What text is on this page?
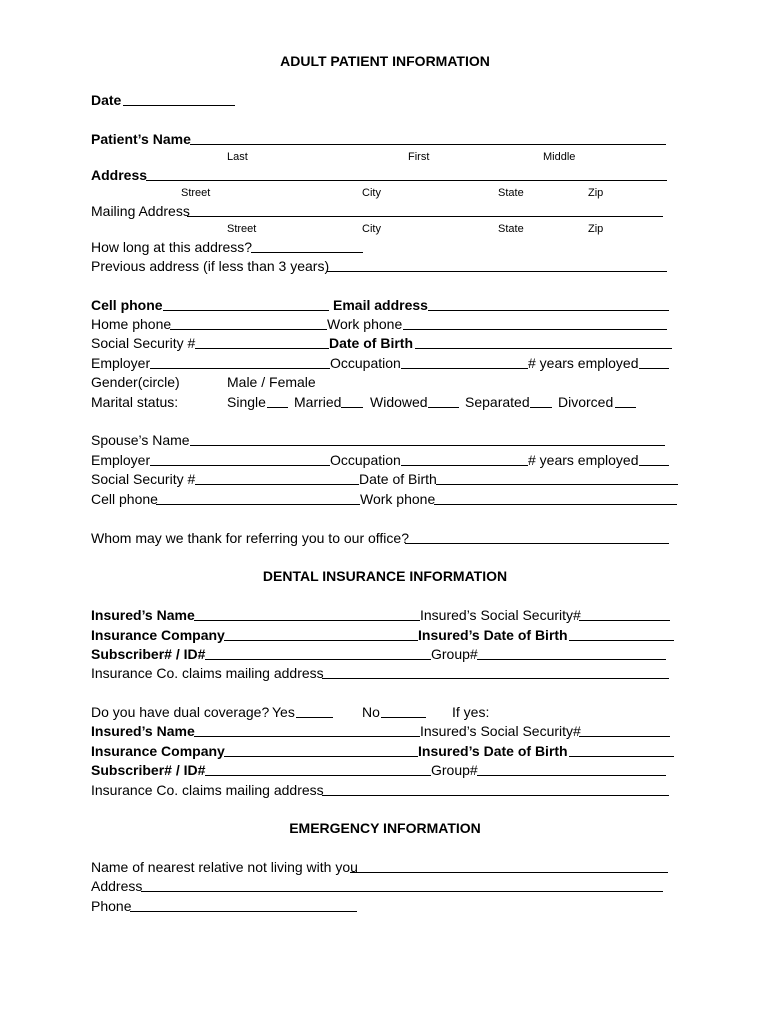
ADULT PATIENT INFORMATION
Date
Patient’s Name
Last	First	Middle
Address
Street	City	State	Zip
Mailing Address
Street	City	State	Zip
How long at this address?
Previous address (if less than 3 years)
Cell phone	Email address
Home phone	Work phone
Social Security #	Date of Birth
Employer	Occupation	# years employed
Gender(circle)	Male / Female
Marital status:	Single Married Widowed	Separated Divorced
Spouse’s Name
Employer	Occupation	# years employed
Social Security #	Date of Birth
Cell phone	Work phone
Whom may we thank for referring you to our office?
DENTAL INSURANCE INFORMATION
Insured’s Name	Insured’s Social Security#
Insurance Company	Insured’s Date of Birth
Subscriber# / ID#	Group#
Insurance Co. claims mailing address
Do you have dual coverage? Yes	No	If yes:
Insured’s Name	Insured’s Social Security#
Insurance Company	Insured’s Date of Birth
Subscriber# / ID#	Group#
Insurance Co. claims mailing address
EMERGENCY INFORMATION
Name of nearest relative not living with you
Address
Phone
